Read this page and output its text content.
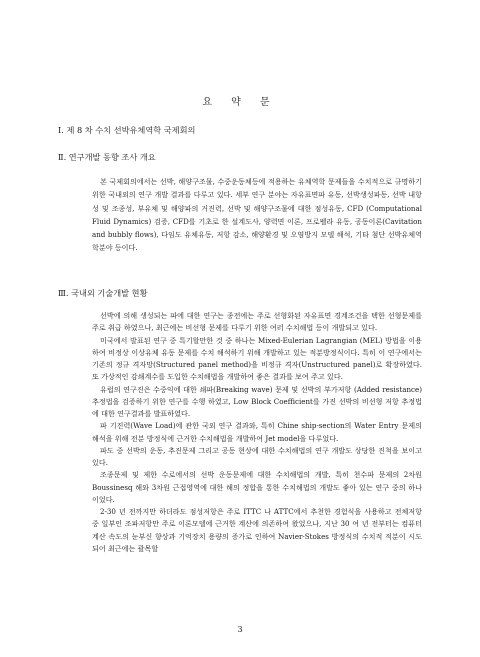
요 약 문
Ⅰ. 제 8 차 수치 선박유체역학 국제회의
Ⅱ. 연구개발 동향 조사 개요

본 국제회의에서는 선박, 해양구조물, 수중운동체등에 적용하는 유체역학 문제들을 수치적으로 규명하기 위한 국내외의 연구 개발 결과를 다루고 있다. 세부 연구 분야는 자유표면파 유동, 선박생성파동, 선박 내항성 및 조종성, 부유체 및 해양파의 거진력, 선박 및 해양구조물에 대한 점성유동, CFD (Computational Fluid Dynamics) 검증, CFD를 기초로 한 설계도사, 양력면 이론, 프로펠라 유동, 공동이론(Cavitation and bubbly flows), 다임도 유체유동, 저항 감소, 해양환경 및 오염방지 모델 해석, 기타 첨단 선박유체역학분야 등이다.

Ⅲ. 국내외 기술개발 현황

선박에 의해 생성되는 파에 대한 연구는 종전에는 주로 선형화된 자유표면 경계조건을 택한 선형문제를 주로 취급 하였으나, 최근에는 비선형 문제를 다루기 위한 여러 수치해법 등이 개발되고 있다.

미국에서 발표된 연구 중 특기할만한 것 중 하나는 Mixed-Eulerian Lagrangian (MEL) 방법을 이용하여 비정상 이상유체 유동 문제를 수치 해석하기 위해 개발하고 있는 적분방정식이다. 특히 이 연구에서는 기존의 정규 격자망(Structured panel method)을 비정규 격자(Unstructured panel)로 확장하였다. 또 가상적인 감쇄계수를 도입한 수치해법을 개발하여 좋은 결과를 보여 주고 있다.

유럽의 연구진은 수중익에 대한 쇄파(Breaking wave) 문제 및 선박의 부가저항 (Added resistance) 추정법을 검증하기 위한 연구를 수행 하였고, Low Block Coefficient를 가진 선박의 비선형 저항 추정법에 대한 연구결과를 발표하였다.

파 기진력(Wave Load)에 관한 국외 연구 결과와, 특히 Chine ship-section의 Water Entry 문제의 해석을 위해 전분 방정식에 근거한 수치해법을 개발하여 Jet model을 다루었다.

파도 중 선박의 운동, 추진문제 그리고 공동 현상에 대한 수치해법의 연구 개발도 상당한 진척을 보이고 있다.

조종문제 및 제한 수로에서의 선박 운동문제에 대한 수치해법의 개발, 특히 천수파 문제의 2차원 Boussinesq 해와 3차원 근접영역에 대한 해의 정합을 통한 수치해법의 개발도 좋아 있는 연구 중의 하나이었다.

2-30 년 전까지만 하더라도 점성저항은 주로 ITTC 나 ATTC에서 추천한 경험식을 사용하고 전체저항 중 일부인 조파저항만 주로 이론모델에 근거한 계산에 의존하여 왔었으나, 지난 30 여 년 전부터는 컴퓨터 계산 속도의 눈부신 향상과 기억장치 용량의 증가로 인하여 Navier-Stokes 방정식의 수치적 적분이 시도 되어 최근에는 괄목할

3
